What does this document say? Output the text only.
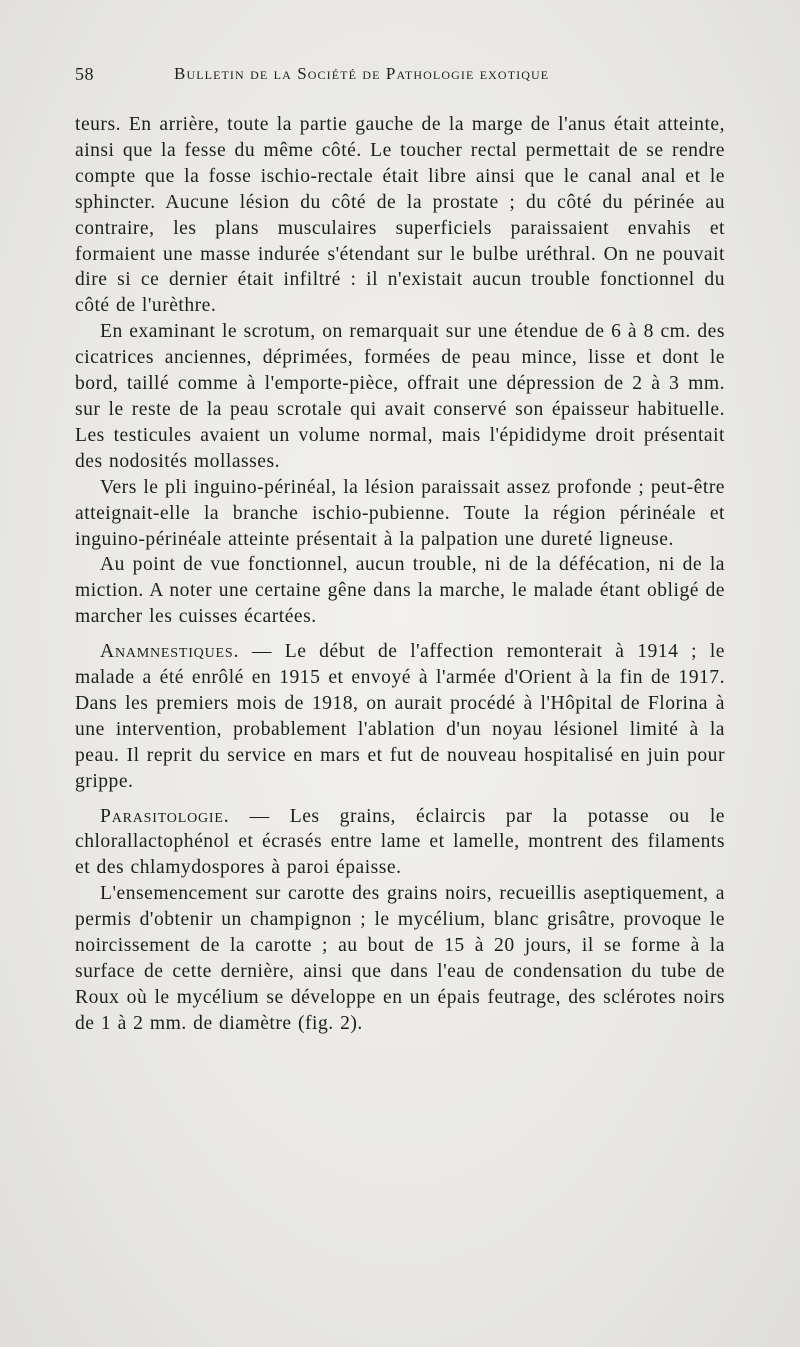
58	Bulletin de la Société de Pathologie exotique

teurs. En arrière, toute la partie gauche de la marge de l'anus était atteinte, ainsi que la fesse du même côté. Le toucher rectal permettait de se rendre compte que la fosse ischio-rectale était libre ainsi que le canal anal et le sphincter. Aucune lésion du côté de la prostate ; du côté du périnée au contraire, les plans musculaires superficiels paraissaient envahis et formaient une masse indurée s'étendant sur le bulbe uréthral. On ne pouvait dire si ce dernier était infiltré : il n'existait aucun trouble fonctionnel du côté de l'urèthre.

En examinant le scrotum, on remarquait sur une étendue de 6 à 8 cm. des cicatrices anciennes, déprimées, formées de peau mince, lisse et dont le bord, taillé comme à l'emporte-pièce, offrait une dépression de 2 à 3 mm. sur le reste de la peau scrotale qui avait conservé son épaisseur habituelle. Les testicules avaient un volume normal, mais l'épididyme droit présentait des nodosités mollasses.

Vers le pli inguino-périnéal, la lésion paraissait assez profonde ; peut-être atteignait-elle la branche ischio-pubienne. Toute la région périnéale et inguino-périnéale atteinte présentait à la palpation une dureté ligneuse.

Au point de vue fonctionnel, aucun trouble, ni de la défécation, ni de la miction. A noter une certaine gêne dans la marche, le malade étant obligé de marcher les cuisses écartées.

Anamnestiques. — Le début de l'affection remonterait à 1914 ; le malade a été enrôlé en 1915 et envoyé à l'armée d'Orient à la fin de 1917. Dans les premiers mois de 1918, on aurait procédé à l'Hôpital de Florina à une intervention, probablement l'ablation d'un noyau lésionel limité à la peau. Il reprit du service en mars et fut de nouveau hospitalisé en juin pour grippe.

Parasitologie. — Les grains, éclaircis par la potasse ou le chlorallactophénol et écrasés entre lame et lamelle, montrent des filaments et des chlamydospores à paroi épaisse.

L'ensemencement sur carotte des grains noirs, recueillis aseptiquement, a permis d'obtenir un champignon ; le mycélium, blanc grisâtre, provoque le noircissement de la carotte ; au bout de 15 à 20 jours, il se forme à la surface de cette dernière, ainsi que dans l'eau de condensation du tube de Roux où le mycélium se développe en un épais feutrage, des sclérotes noirs de 1 à 2 mm. de diamètre (fig. 2).
